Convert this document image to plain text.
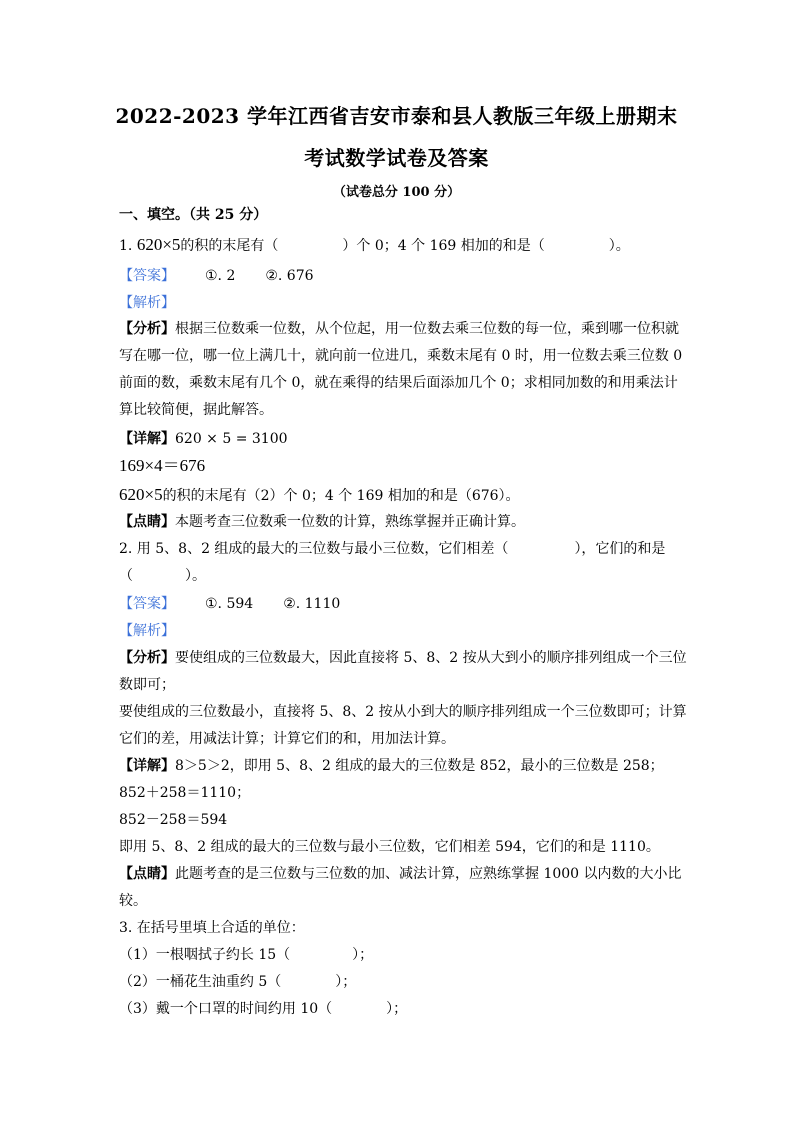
2022-2023 学年江西省吉安市泰和县人教版三年级上册期末
考试数学试卷及答案
（试卷总分 100 分）
一、填空。（共 25 分）
1. 620×5的积的末尾有（	）个 0；4 个 169 相加的和是（	）。
【答案】 ①. 2 ②. 676
【解析】
【分析】根据三位数乘一位数，从个位起，用一位数去乘三位数的每一位，乘到哪一位积就
写在哪一位，哪一位上满几十，就向前一位进几，乘数末尾有 0 时，用一位数去乘三位数 0
前面的数，乘数末尾有几个 0，就在乘得的结果后面添加几个 0；求相同加数的和用乘法计
算比较简便，据此解答。
【详解】620 × 5 = 3100
169×4＝676
620×5的积的末尾有（2）个 0；4 个 169 相加的和是（676）。
【点睛】本题考查三位数乘一位数的计算，熟练掌握并正确计算。
2. 用 5、8、2 组成的最大的三位数与最小三位数，它们相差（	），它们的和是
（	）。
【答案】 ①. 594 ②. 1110
【解析】
【分析】要使组成的三位数最大，因此直接将 5、8、2 按从大到小的顺序排列组成一个三位
数即可；
要使组成的三位数最小，直接将 5、8、2 按从小到大的顺序排列组成一个三位数即可；计算
它们的差，用减法计算；计算它们的和，用加法计算。
【详解】8＞5＞2，即用 5、8、2 组成的最大的三位数是 852，最小的三位数是 258；
852＋258＝1110；
852－258＝594
即用 5、8、2 组成的最大的三位数与最小三位数，它们相差 594，它们的和是 1110。
【点睛】此题考查的是三位数与三位数的加、减法计算，应熟练掌握 1000 以内数的大小比
较。
3. 在括号里填上合适的单位：
（1）一根咽拭子约长 15（	）；
（2）一桶花生油重约 5（	）；
（3）戴一个口罩的时间约用 10（	）；
